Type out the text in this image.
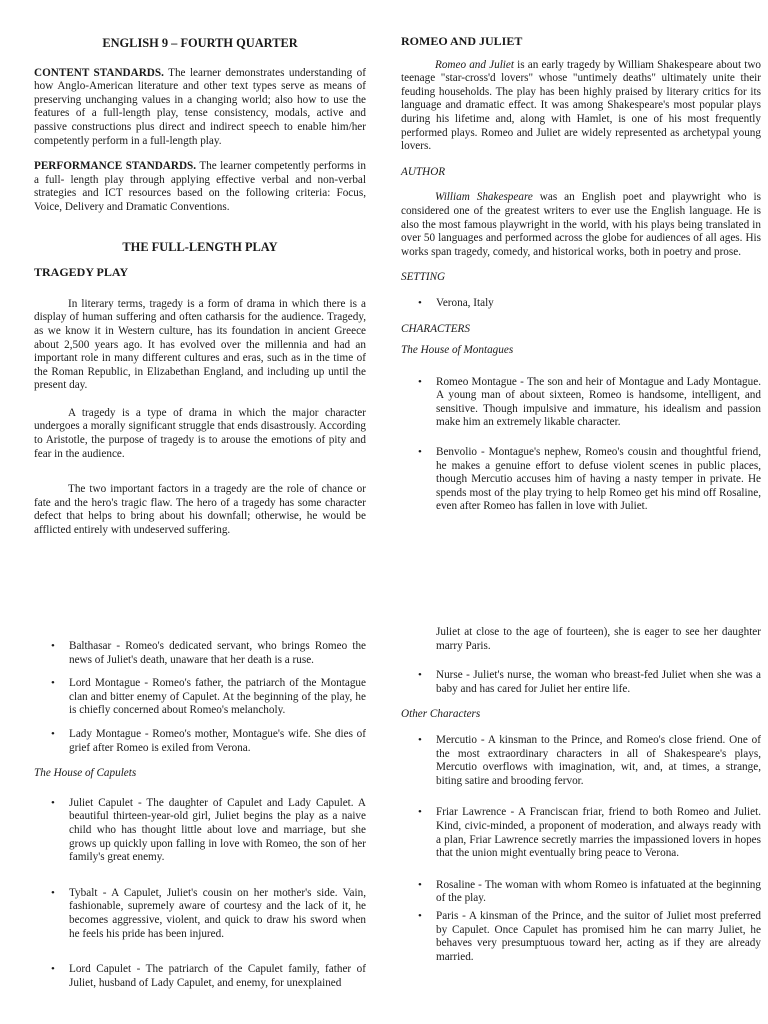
ENGLISH 9 – FOURTH QUARTER

CONTENT STANDARDS. The learner demonstrates understanding of how Anglo-American literature and other text types serve as means of preserving unchanging values in a changing world; also how to use the features of a full-length play, tense consistency, modals, active and passive constructions plus direct and indirect speech to enable him/her competently perform in a full-length play.

PERFORMANCE STANDARDS. The learner competently performs in a full- length play through applying effective verbal and non-verbal strategies and ICT resources based on the following criteria: Focus, Voice, Delivery and Dramatic Conventions.

THE FULL-LENGTH PLAY

TRAGEDY PLAY

In literary terms, tragedy is a form of drama in which there is a display of human suffering and often catharsis for the audience. Tragedy, as we know it in Western culture, has its foundation in ancient Greece about 2,500 years ago. It has evolved over the millennia and had an important role in many different cultures and eras, such as in the time of the Roman Republic, in Elizabethan England, and including up until the present day.

A tragedy is a type of drama in which the major character undergoes a morally significant struggle that ends disastrously. According to Aristotle, the purpose of tragedy is to arouse the emotions of pity and fear in the audience.

The two important factors in a tragedy are the role of chance or fate and the hero's tragic flaw. The hero of a tragedy has some character defect that helps to bring about his downfall; otherwise, he would be afflicted entirely with undeserved suffering.

ROMEO AND JULIET

Romeo and Juliet is an early tragedy by William Shakespeare about two teenage "star-cross'd lovers" whose "untimely deaths" ultimately unite their feuding households. The play has been highly praised by literary critics for its language and dramatic effect. It was among Shakespeare's most popular plays during his lifetime and, along with Hamlet, is one of his most frequently performed plays. Romeo and Juliet are widely represented as archetypal young lovers.

AUTHOR

William Shakespeare was an English poet and playwright who is considered one of the greatest writers to ever use the English language. He is also the most famous playwright in the world, with his plays being translated in over 50 languages and performed across the globe for audiences of all ages. His works span tragedy, comedy, and historical works, both in poetry and prose.

SETTING

• Verona, Italy

CHARACTERS

The House of Montagues

• Romeo Montague - The son and heir of Montague and Lady Montague. A young man of about sixteen, Romeo is handsome, intelligent, and sensitive. Though impulsive and immature, his idealism and passion make him an extremely likable character.
• Benvolio - Montague's nephew, Romeo's cousin and thoughtful friend, he makes a genuine effort to defuse violent scenes in public places, though Mercutio accuses him of having a nasty temper in private. He spends most of the play trying to help Romeo get his mind off Rosaline, even after Romeo has fallen in love with Juliet.
• Balthasar - Romeo's dedicated servant, who brings Romeo the news of Juliet's death, unaware that her death is a ruse.
• Lord Montague - Romeo's father, the patriarch of the Montague clan and bitter enemy of Capulet. At the beginning of the play, he is chiefly concerned about Romeo's melancholy.
• Lady Montague - Romeo's mother, Montague's wife. She dies of grief after Romeo is exiled from Verona.

The House of Capulets

• Juliet Capulet - The daughter of Capulet and Lady Capulet. A beautiful thirteen-year-old girl, Juliet begins the play as a naive child who has thought little about love and marriage, but she grows up quickly upon falling in love with Romeo, the son of her family's great enemy.
• Tybalt - A Capulet, Juliet's cousin on her mother's side. Vain, fashionable, supremely aware of courtesy and the lack of it, he becomes aggressive, violent, and quick to draw his sword when he feels his pride has been injured.
• Lord Capulet - The patriarch of the Capulet family, father of Juliet, husband of Lady Capulet, and enemy, for unexplained

Juliet at close to the age of fourteen), she is eager to see her daughter marry Paris.

• Nurse - Juliet's nurse, the woman who breast-fed Juliet when she was a baby and has cared for Juliet her entire life.

Other Characters

• Mercutio - A kinsman to the Prince, and Romeo's close friend. One of the most extraordinary characters in all of Shakespeare's plays, Mercutio overflows with imagination, wit, and, at times, a strange, biting satire and brooding fervor.
• Friar Lawrence - A Franciscan friar, friend to both Romeo and Juliet. Kind, civic-minded, a proponent of moderation, and always ready with a plan, Friar Lawrence secretly marries the impassioned lovers in hopes that the union might eventually bring peace to Verona.
• Rosaline - The woman with whom Romeo is infatuated at the beginning of the play.
• Paris - A kinsman of the Prince, and the suitor of Juliet most preferred by Capulet. Once Capulet has promised him he can marry Juliet, he behaves very presumptuous toward her, acting as if they are already married.
